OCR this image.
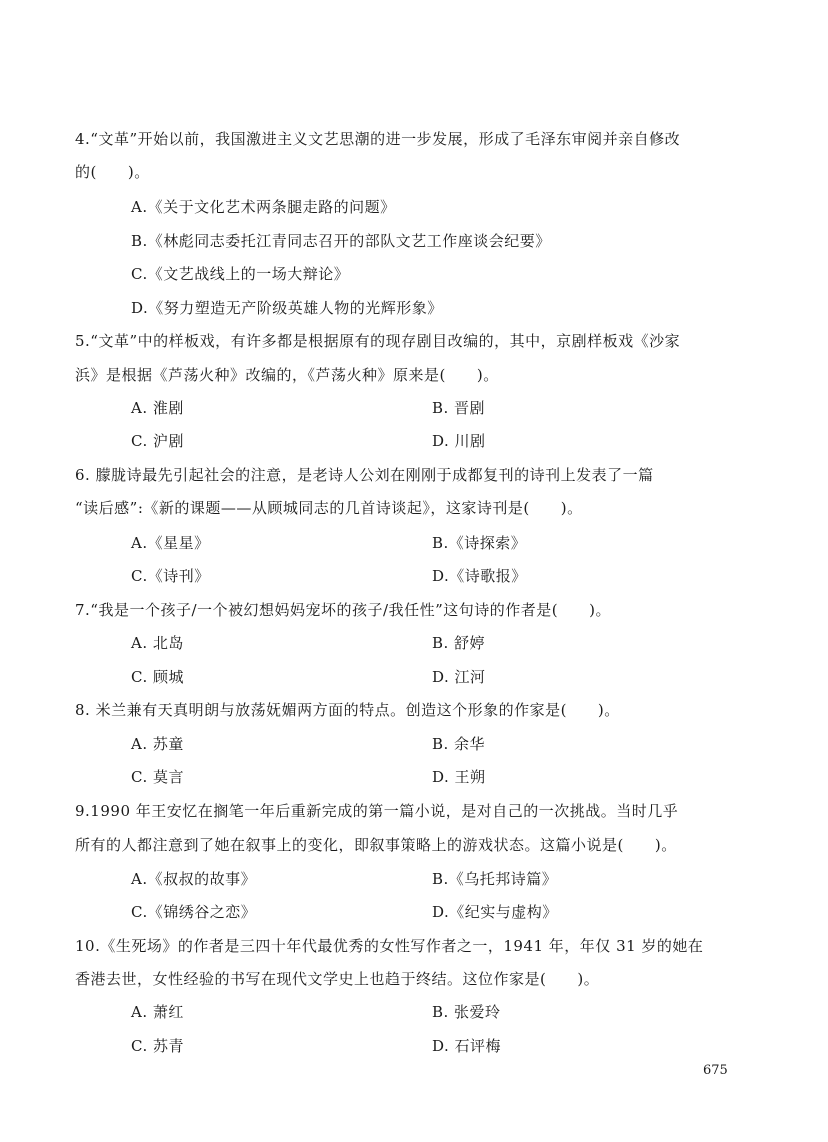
4.“文革”开始以前，我国激进主义文艺思潮的进一步发展，形成了毛泽东审阅并亲自修改
的(　　)。
A.《关于文化艺术两条腿走路的问题》
B.《林彪同志委托江青同志召开的部队文艺工作座谈会纪要》
C.《文艺战线上的一场大辩论》
D.《努力塑造无产阶级英雄人物的光辉形象》
5.“文革”中的样板戏，有许多都是根据原有的现存剧目改编的，其中，京剧样板戏《沙家
浜》是根据《芦荡火种》改编的，《芦荡火种》原来是(　　)。
A. 淮剧	B. 晋剧
C. 沪剧	D. 川剧
6. 朦胧诗最先引起社会的注意，是老诗人公刘在刚刚于成都复刊的诗刊上发表了一篇
“读后感”:《新的课题——从顾城同志的几首诗谈起》，这家诗刊是(　　)。
A.《星星》	B.《诗探索》
C.《诗刊》	D.《诗歌报》
7.“我是一个孩子/一个被幻想妈妈宠坏的孩子/我任性”这句诗的作者是(　　)。
A. 北岛	B. 舒婷
C. 顾城	D. 江河
8. 米兰兼有天真明朗与放荡妩媚两方面的特点。创造这个形象的作家是(　　)。
A. 苏童	B. 余华
C. 莫言	D. 王朔
9.1990 年王安忆在搁笔一年后重新完成的第一篇小说，是对自己的一次挑战。当时几乎
所有的人都注意到了她在叙事上的变化，即叙事策略上的游戏状态。这篇小说是(　　)。
A.《叔叔的故事》	B.《乌托邦诗篇》
C.《锦绣谷之恋》	D.《纪实与虚构》
10.《生死场》的作者是三四十年代最优秀的女性写作者之一，1941 年，年仅 31 岁的她在
香港去世，女性经验的书写在现代文学史上也趋于终结。这位作家是(　　)。
A. 萧红	B. 张爱玲
C. 苏青	D. 石评梅
675
